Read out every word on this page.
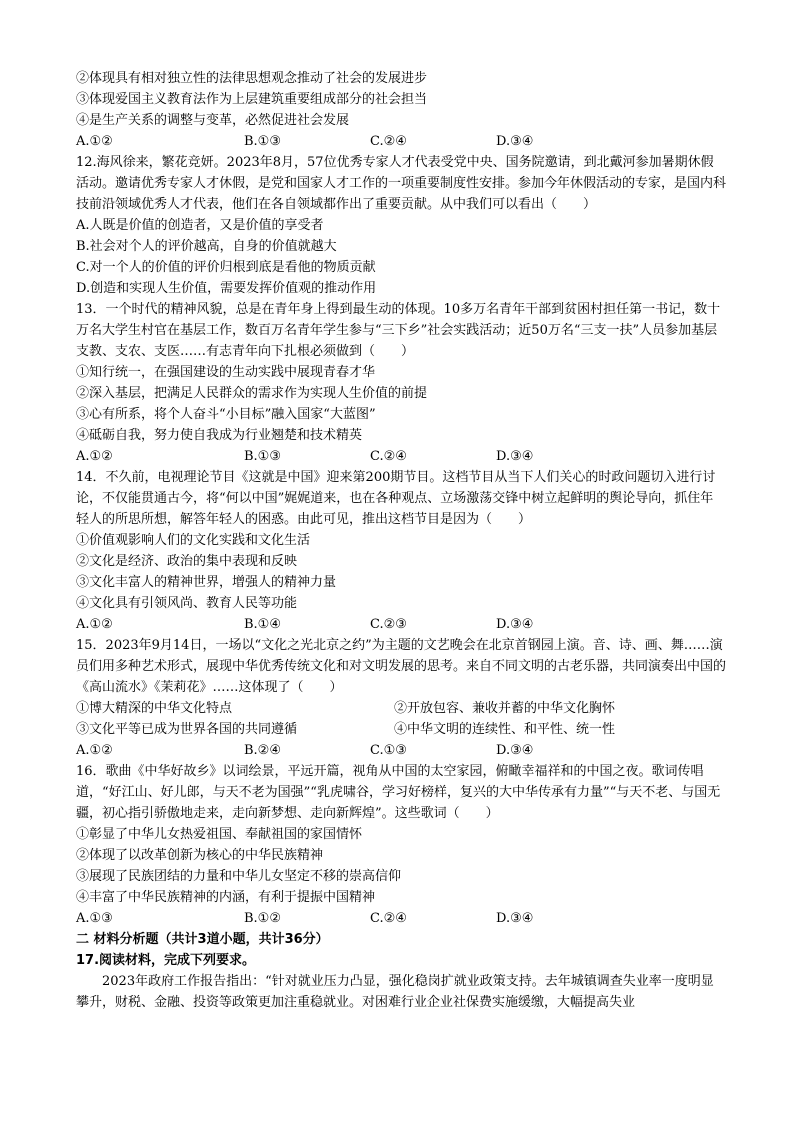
②体现具有相对独立性的法律思想观念推动了社会的发展进步
③体现爱国主义教育法作为上层建筑重要组成部分的社会担当
④是生产关系的调整与变革，必然促进社会发展
A.①②	B.①③	C.②④	D.③④
12.海风徐来，繁花竞妍。2023年8月，57位优秀专家人才代表受党中央、国务院邀请，到北戴河参加暑期休假活动。邀请优秀专家人才休假，是党和国家人才工作的一项重要制度性安排。参加今年休假活动的专家，是国内科技前沿领域优秀人才代表，他们在各自领域都作出了重要贡献。从中我们可以看出（　　）
A.人既是价值的创造者，又是价值的享受者
B.社会对个人的评价越高，自身的价值就越大
C.对一个人的价值的评价归根到底是看他的物质贡献
D.创造和实现人生价值，需要发挥价值观的推动作用
13．一个时代的精神风貌，总是在青年身上得到最生动的体现。10多万名青年干部到贫困村担任第一书记，数十万名大学生村官在基层工作，数百万名青年学生参与“三下乡”社会实践活动；近50万名“三支一扶”人员参加基层支教、支农、支医……有志青年向下扎根必须做到（　　）
①知行统一，在强国建设的生动实践中展现青春才华
②深入基层，把满足人民群众的需求作为实现人生价值的前提
③心有所系，将个人奋斗“小目标”融入国家“大蓝图”
④砥砺自我，努力使自我成为行业翘楚和技术精英
A.①②	B.①③	C.②④	D.③④
14．不久前，电视理论节目《这就是中国》迎来第200期节目。这档节目从当下人们关心的时政问题切入进行讨论，不仅能贯通古今，将“何以中国”娓娓道来，也在各种观点、立场激荡交锋中树立起鲜明的舆论导向，抓住年轻人的所思所想，解答年轻人的困惑。由此可见，推出这档节目是因为（　　）
①价值观影响人们的文化实践和文化生活
②文化是经济、政治的集中表现和反映
③文化丰富人的精神世界，增强人的精神力量
④文化具有引领风尚、教育人民等功能
A.①②	B.①④	C.②③	D.③④
15．2023年9月14日，一场以“文化之光北京之约”为主题的文艺晚会在北京首钢园上演。音、诗、画、舞……演员们用多种艺术形式，展现中华优秀传统文化和对文明发展的思考。来自不同文明的古老乐器，共同演奏出中国的《高山流水》《茉莉花》……这体现了（　　）
①博大精深的中华文化特点	②开放包容、兼收并蓄的中华文化胸怀
③文化平等已成为世界各国的共同遵循	④中华文明的连续性、和平性、统一性
A.①②	B.②④	C.①③	D.③④
16．歌曲《中华好故乡》以词绘景，平远开篇，视角从中国的太空家园，俯瞰幸福祥和的中国之夜。歌词传唱道，“好江山、好儿郎，与天不老为国强”“乳虎啸谷，学习好榜样，复兴的大中华传承有力量”“与天不老、与国无疆，初心指引骄傲地走来，走向新梦想、走向新辉煌”。这些歌词（　　）
①彰显了中华儿女热爱祖国、奉献祖国的家国情怀
②体现了以改革创新为核心的中华民族精神
③展现了民族团结的力量和中华儿女坚定不移的崇高信仰
④丰富了中华民族精神的内涵，有利于提振中国精神
A.①③	B.①②	C.②④	D.③④
二 材料分析题（共计3道小题，共计36分）
17.阅读材料，完成下列要求。
2023年政府工作报告指出：“针对就业压力凸显，强化稳岗扩就业政策支持。去年城镇调查失业率一度明显攀升，财税、金融、投资等政策更加注重稳就业。对困难行业企业社保费实施缓缴，大幅提高失业
